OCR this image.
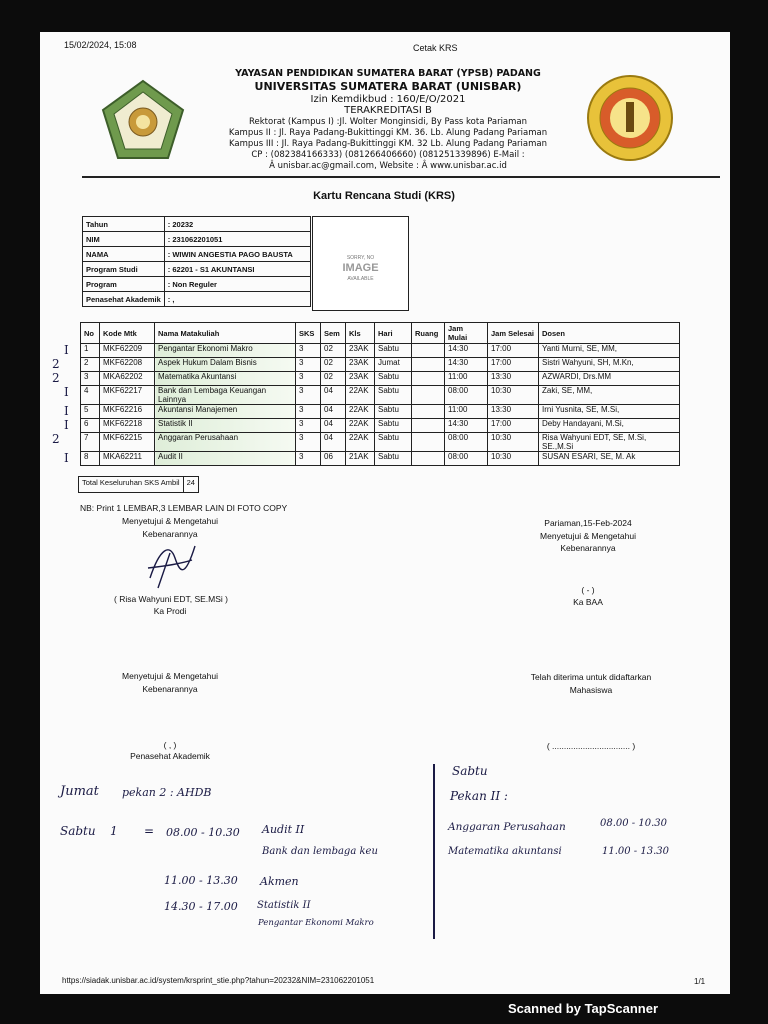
15/02/2024, 15:08	Cetak KRS
https://siadak.unisbar.ac.id/system/krsprint_stie.php?tahun=20232&NIM=231062201051	1/1
YAYASAN PENDIDIKAN SUMATERA BARAT (YPSB) PADANG
UNIVERSITAS SUMATERA BARAT (UNISBAR)
Izin Kemdikbud : 160/E/O/2021
TERAKREDITASI B
Rektorat (Kampus I) :Jl. Wolter Monginsidi, By Pass kota Pariaman
Kampus II : Jl. Raya Padang-Bukittinggi KM. 36. Lb. Alung Padang Pariaman
Kampus III : Jl. Raya Padang-Bukittinggi KM. 32 Lb. Alung Padang Pariaman
CP : (082384166333) (081266406660) (081251339896) E-Mail :
Â unisbar.ac@gmail.com, Website : Â www.unisbar.ac.id
Kartu Rencana Studi (KRS)
Tahun	: 20232
NIM	: 231062201051
NAMA	: WIWIN ANGESTIA PAGO BAUSTA
Program Studi	: 62201 - S1 AKUNTANSI
Program	: Non Reguler
Penasehat Akademik	: ,
SORRY, NO
IMAGE
AVAILABLE
No	Kode Mtk	Nama Matakuliah	SKS	Sem	Kls	Hari	Ruang	Jam Mulai	Jam Selesai	Dosen
1	MKF62209	Pengantar Ekonomi Makro	3	02	23AK	Sabtu		14:30	17:00	Yanti Murni, SE, MM,
2	MKF62208	Aspek Hukum Dalam Bisnis	3	02	23AK	Jumat		14:30	17:00	Sistri Wahyuni, SH, M.Kn,
3	MKA62202	Matematika Akuntansi	3	02	23AK	Sabtu		11:00	13:30	AZWARDI, Drs.MM
4	MKF62217	Bank dan Lembaga Keuangan Lainnya	3	04	22AK	Sabtu		08:00	10:30	Zaki, SE, MM,
5	MKF62216	Akuntansi Manajemen	3	04	22AK	Sabtu		11:00	13:30	Irni Yusnita, SE, M.Si,
6	MKF62218	Statistik II	3	04	22AK	Sabtu		14:30	17:00	Deby Handayani, M.Si,
7	MKF62215	Anggaran Perusahaan	3	04	22AK	Sabtu		08:00	10:30	Risa Wahyuni EDT, SE, M.Si, SE.,M.Si
8	MKA62211	Audit II	3	06	21AK	Sabtu		08:00	10:30	SUSAN ESARI, SE, M. Ak
I
2
2
I
I
I
2
I
Total Keseluruhan SKS Ambil	24
NB: Print 1 LEMBAR,3 LEMBAR LAIN DI FOTO COPY
Menyetujui & Mengetahui
Kebenarannya
( Risa Wahyuni EDT, SE.MSi )
Ka Prodi
Pariaman,15-Feb-2024
Menyetujui & Mengetahui
Kebenarannya
( - )
Ka BAA
Menyetujui & Mengetahui
Kebenarannya
( , )
Penasehat Akademik
Telah diterima untuk didaftarkan
Mahasiswa
( ................................. )
Jumat pekan 2 : AHDB
Sabtu 1 = 08.00 - 10.30 Audit II
Bank dan lembaga keu
11.00 - 13.30 Akmen
14.30 - 17.00 Statistik II
Pengantar Ekonomi Makro
Sabtu
Pekan II :
Anggaran Perusahaan	08.00 - 10.30
Matematika akuntansi	11.00 - 13.30
Scanned by TapScanner
